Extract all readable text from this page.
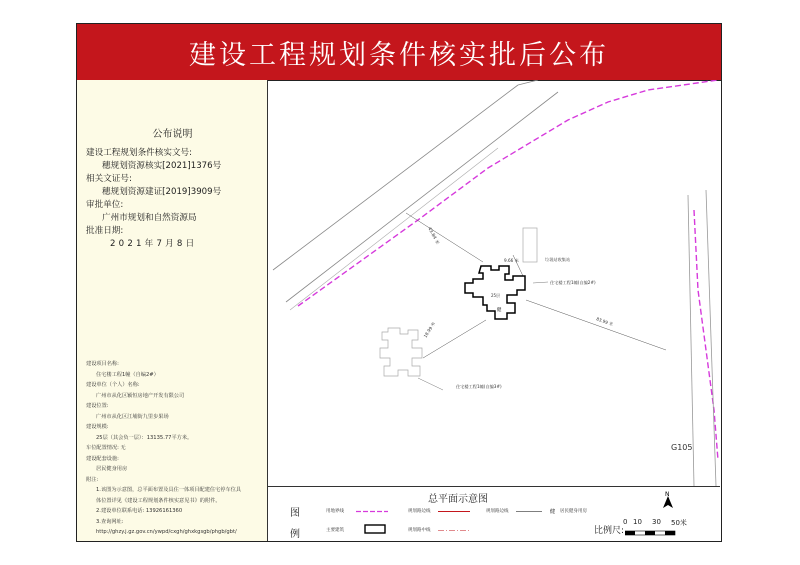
建设工程规划条件核实批后公布
公布说明
建设工程规划条件核实文号:
穗规划资源核实[2021]1376号
相关文证号:
穗规划资源建证[2019]3909号
审批单位:
广州市规划和自然资源局
批准日期:
2021年7月8日
建设项目名称:
住宅楼工程1幢（自编2#）
建设单位（个人）名称:
广州市从化区颖恒房地产开发有限公司
建设位置:
广州市从化区江埔街九里步果场
建设规模:
25层（其会负一层）：13135.77平方米。
车位配置情况: 无
建设配套设施:
居民健身用房
附注:
1.该图为示意图，总平面布置及具住一体项目配建住宅停车位具
体位置详见《建设工程规划条件核实意见书》的附件。
2.建设单位联系电话: 13926161360
3.查询网址:
http://ghzy.j.gz.gov.cn/ywpd/cxgh/ghxkgsgb/phgb/gbt/
43.84 米
9.66 米
83.99 米
18.99 米
垃圾站收集站
25层
健
住宅楼工程1幢(自编2#)
住宅楼工程1幢(自编3#)
G105
总平面示意图
图
例
用地界线	规划路边线	规划路边线	健 居民健身用房
主要建筑	规划路中线
N
比例尺:
0 10 30 50米
